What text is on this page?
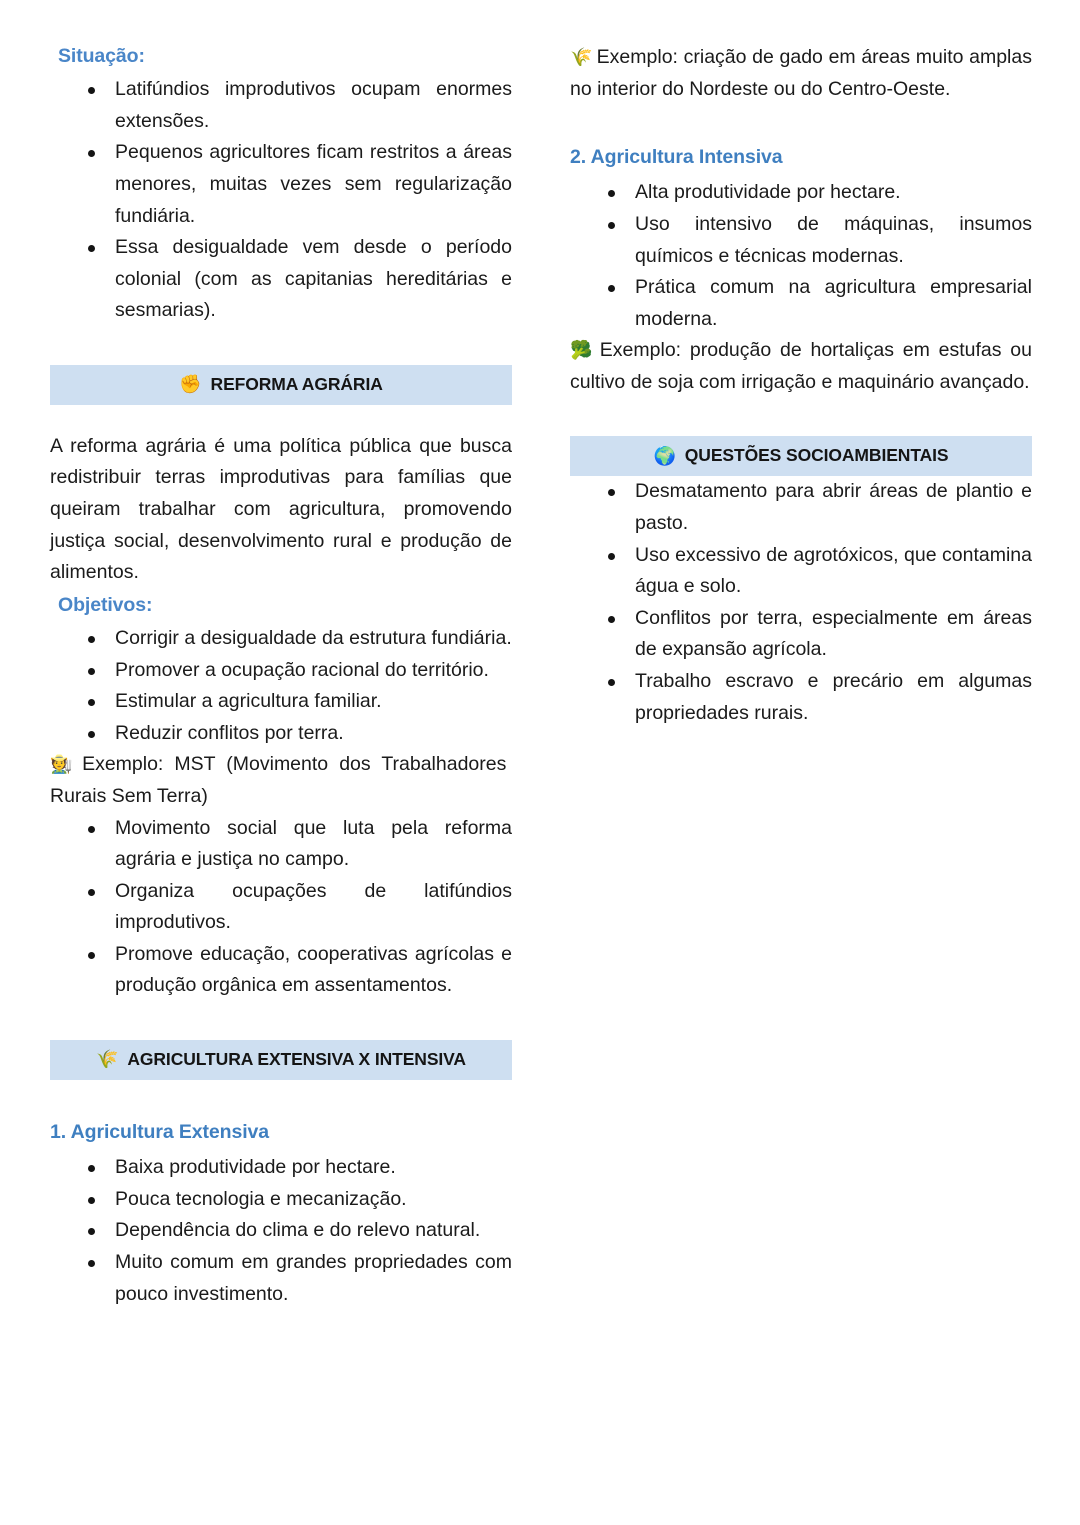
Situação:
Latifúndios improdutivos ocupam enormes extensões.
Pequenos agricultores ficam restritos a áreas menores, muitas vezes sem regularização fundiária.
Essa desigualdade vem desde o período colonial (com as capitanias hereditárias e sesmarias).
✊ REFORMA AGRÁRIA

A reforma agrária é uma política pública que busca redistribuir terras improdutivas para famílias que queiram trabalhar com agricultura, promovendo justiça social, desenvolvimento rural e produção de alimentos.

Objetivos:
Corrigir a desigualdade da estrutura fundiária.
Promover a ocupação racional do território.
Estimular a agricultura familiar.
Reduzir conflitos por terra.

🧑‍🌾 Exemplo: MST (Movimento dos Trabalhadores Rurais Sem Terra)

Movimento social que luta pela reforma agrária e justiça no campo.
Organiza ocupações de latifúndios improdutivos.
Promove educação, cooperativas agrícolas e produção orgânica em assentamentos.
🌾 AGRICULTURA EXTENSIVA X INTENSIVA
1. Agricultura Extensiva
Baixa produtividade por hectare.
Pouca tecnologia e mecanização.
Dependência do clima e do relevo natural.
Muito comum em grandes propriedades com pouco investimento.

🌾 Exemplo: criação de gado em áreas muito amplas no interior do Nordeste ou do Centro-Oeste.

2. Agricultura Intensiva
Alta produtividade por hectare.
Uso intensivo de máquinas, insumos químicos e técnicas modernas.
Prática comum na agricultura empresarial moderna.

🥦 Exemplo: produção de hortaliças em estufas ou cultivo de soja com irrigação e maquinário avançado.

🌍 QUESTÕES SOCIOAMBIENTAIS
Desmatamento para abrir áreas de plantio e pasto.
Uso excessivo de agrotóxicos, que contamina água e solo.
Conflitos por terra, especialmente em áreas de expansão agrícola.
Trabalho escravo e precário em algumas propriedades rurais.
